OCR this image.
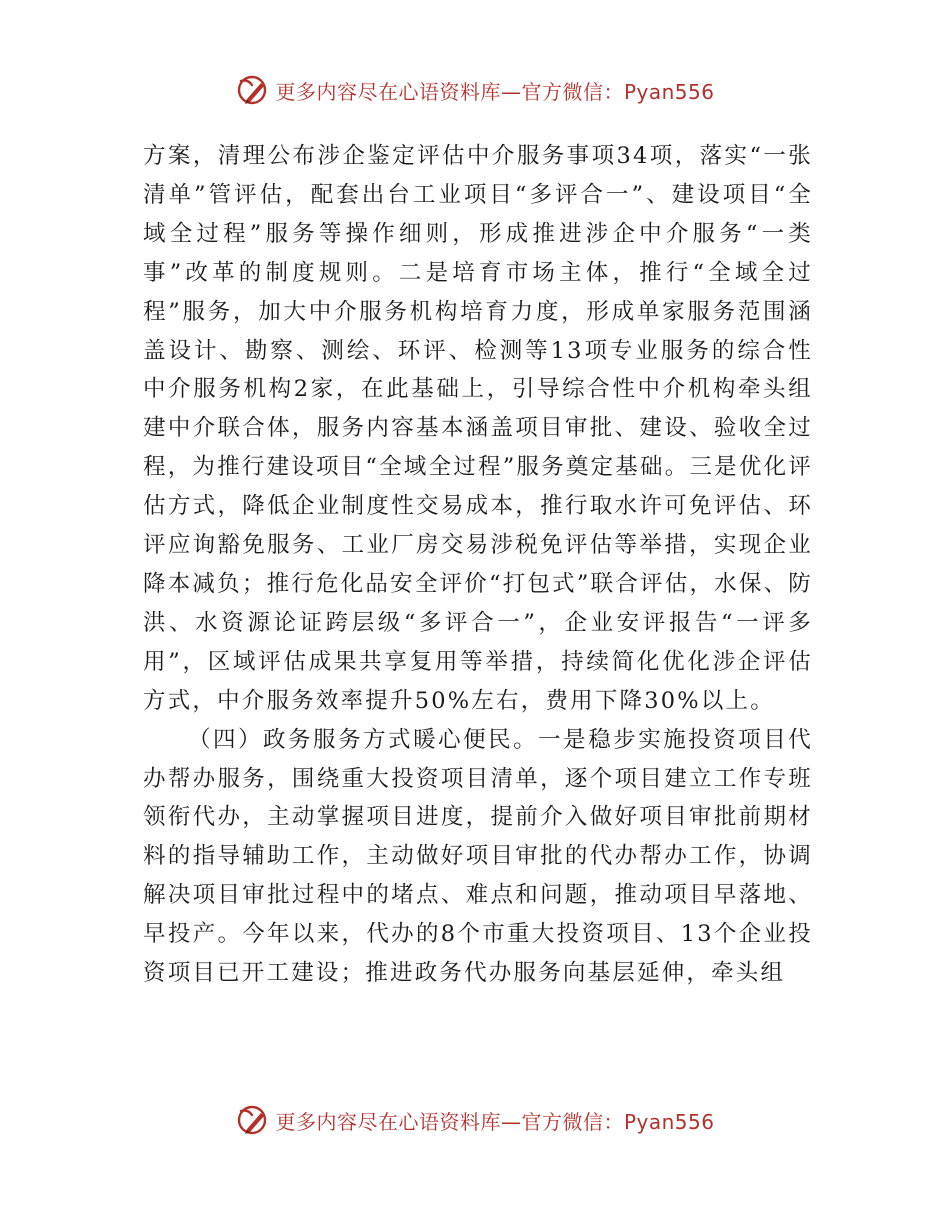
更多内容尽在心语资料库—官方微信：Pyan556

方案，清理公布涉企鉴定评估中介服务事项34项，落实“一张清单”管评估，配套出台工业项目“多评合一”、建设项目“全域全过程”服务等操作细则，形成推进涉企中介服务“一类事”改革的制度规则。二是培育市场主体，推行“全域全过程”服务，加大中介服务机构培育力度，形成单家服务范围涵盖设计、勘察、测绘、环评、检测等13项专业服务的综合性中介服务机构2家，在此基础上，引导综合性中介机构牵头组建中介联合体，服务内容基本涵盖项目审批、建设、验收全过程，为推行建设项目“全域全过程”服务奠定基础。三是优化评估方式，降低企业制度性交易成本，推行取水许可免评估、环评应询豁免服务、工业厂房交易涉税免评估等举措，实现企业降本减负；推行危化品安全评价“打包式”联合评估，水保、防洪、水资源论证跨层级“多评合一”，企业安评报告“一评多用”，区域评估成果共享复用等举措，持续简化优化涉企评估方式，中介服务效率提升50%左右，费用下降30%以上。

（四）政务服务方式暖心便民。一是稳步实施投资项目代办帮办服务，围绕重大投资项目清单，逐个项目建立工作专班领衔代办，主动掌握项目进度，提前介入做好项目审批前期材料的指导辅助工作，主动做好项目审批的代办帮办工作，协调解决项目审批过程中的堵点、难点和问题，推动项目早落地、早投产。今年以来，代办的8个市重大投资项目、13个企业投资项目已开工建设；推进政务代办服务向基层延伸，牵头组

更多内容尽在心语资料库—官方微信：Pyan556
